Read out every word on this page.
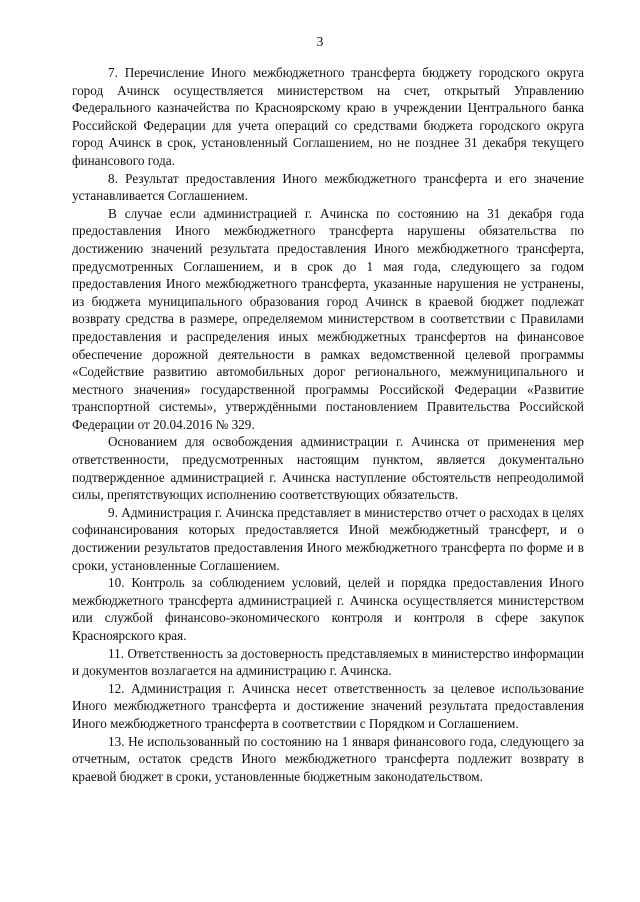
3

7. Перечисление Иного межбюджетного трансферта бюджету городского округа город Ачинск осуществляется министерством на счет, открытый Управлению Федерального казначейства по Красноярскому краю в учреждении Центрального банка Российской Федерации для учета операций со средствами бюджета городского округа город Ачинск в срок, установленный Соглашением, но не позднее 31 декабря текущего финансового года.

8. Результат предоставления Иного межбюджетного трансферта и его значение устанавливается Соглашением.

В случае если администрацией г. Ачинска по состоянию на 31 декабря года предоставления Иного межбюджетного трансферта нарушены обязательства по достижению значений результата предоставления Иного межбюджетного трансферта, предусмотренных Соглашением, и в срок до 1 мая года, следующего за годом предоставления Иного межбюджетного трансферта, указанные нарушения не устранены, из бюджета муниципального образования город Ачинск в краевой бюджет подлежат возврату средства в размере, определяемом министерством в соответствии с Правилами предоставления и распределения иных межбюджетных трансфертов на финансовое обеспечение дорожной деятельности в рамках ведомственной целевой программы «Содействие развитию автомобильных дорог регионального, межмуниципального и местного значения» государственной программы Российской Федерации «Развитие транспортной системы», утверждёнными постановлением Правительства Российской Федерации от 20.04.2016 № 329.

Основанием для освобождения администрации г. Ачинска от применения мер ответственности, предусмотренных настоящим пунктом, является документально подтвержденное администрацией г. Ачинска наступление обстоятельств непреодолимой силы, препятствующих исполнению соответствующих обязательств.

9. Администрация г. Ачинска представляет в министерство отчет о расходах в целях софинансирования которых предоставляется Иной межбюджетный трансферт, и о достижении результатов предоставления Иного межбюджетного трансферта по форме и в сроки, установленные Соглашением.

10. Контроль за соблюдением условий, целей и порядка предоставления Иного межбюджетного трансферта администрацией г. Ачинска осуществляется министерством или службой финансово-экономического контроля и контроля в сфере закупок Красноярского края.

11. Ответственность за достоверность представляемых в министерство информации и документов возлагается на администрацию г. Ачинска.

12. Администрация г. Ачинска несет ответственность за целевое использование Иного межбюджетного трансферта и достижение значений результата предоставления Иного межбюджетного трансферта в соответствии с Порядком и Соглашением.

13. Не использованный по состоянию на 1 января финансового года, следующего за отчетным, остаток средств Иного межбюджетного трансферта подлежит возврату в краевой бюджет в сроки, установленные бюджетным законодательством.
